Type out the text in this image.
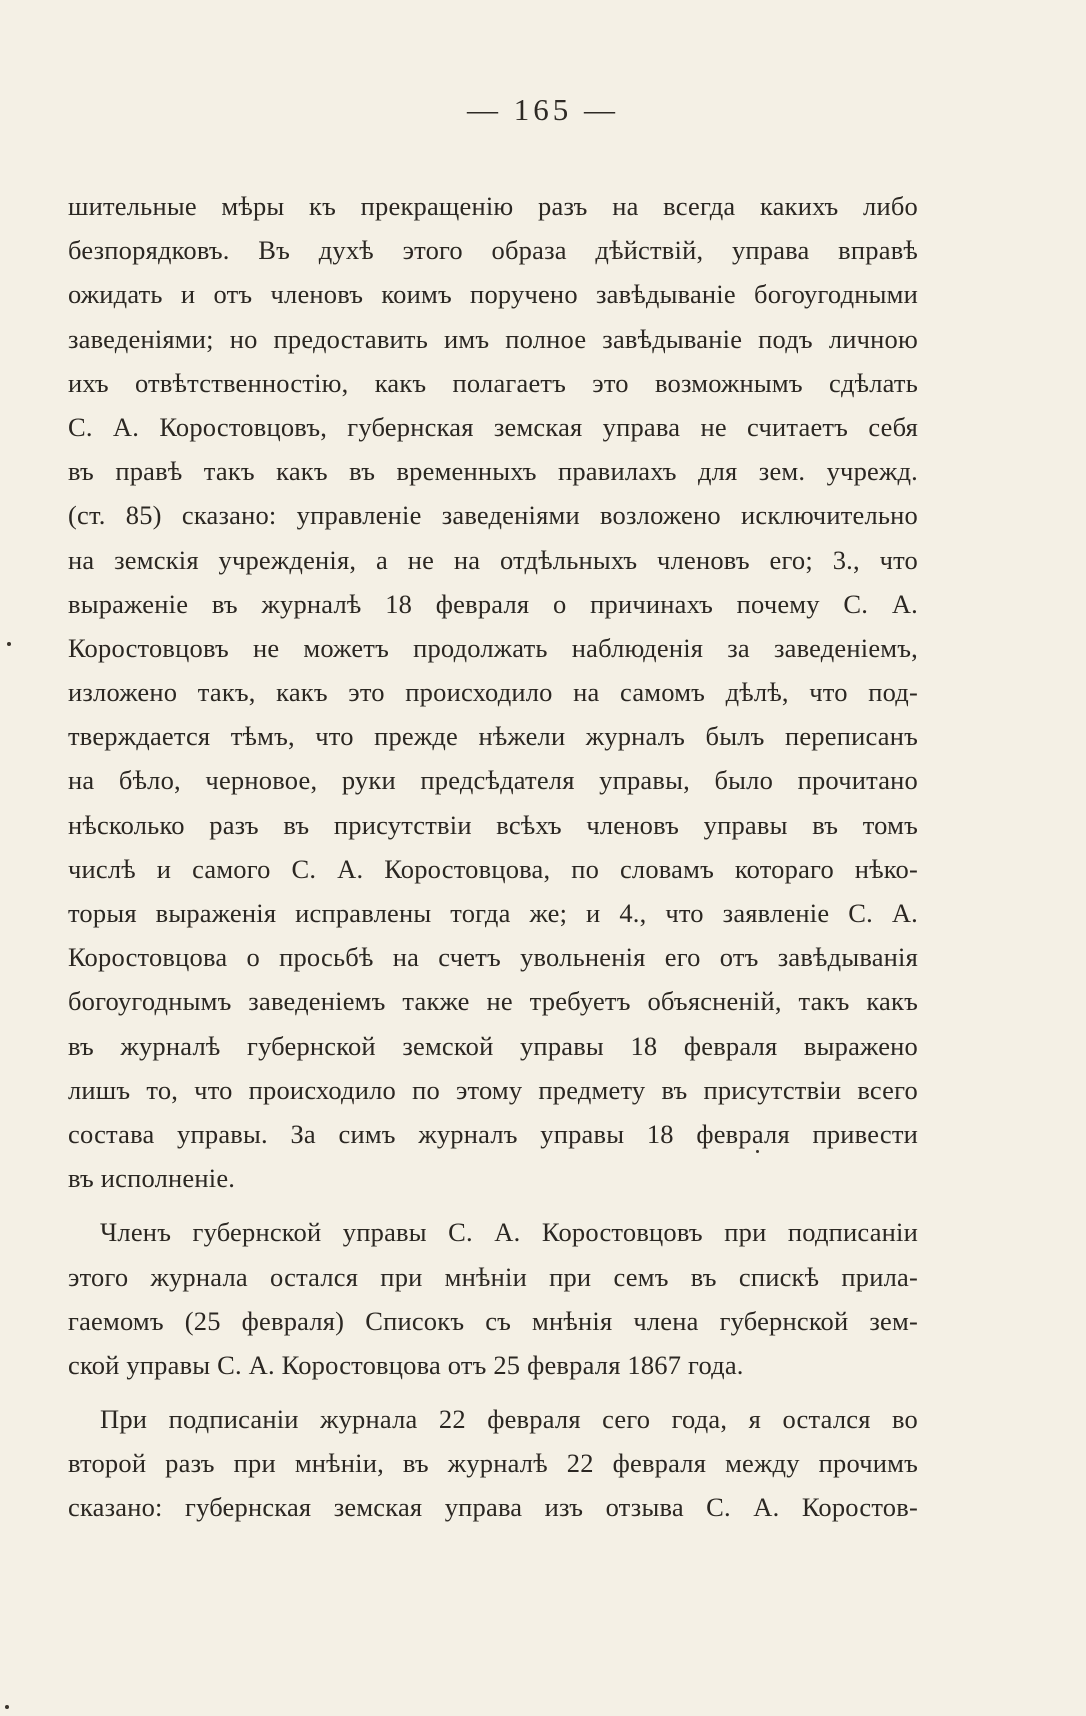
— 165 —
шительные мѣры къ прекращенію разъ на всегда какихъ либо
безпорядковъ. Въ духѣ этого образа дѣйствій, управа вправѣ
ожидать и отъ членовъ коимъ поручено завѣдываніе богоугодными
заведеніями; но предоставить имъ полное завѣдываніе подъ личною
ихъ отвѣтственностію, какъ полагаетъ это возможнымъ сдѣлать
С. А. Коростовцовъ, губернская земская управа не считаетъ себя
въ правѣ такъ какъ въ временныхъ правилахъ для зем. учрежд.
(ст. 85) сказано: управленіе заведеніями возложено исключительно
на земскія учрежденія, а не на отдѣльныхъ членовъ его; 3., что
выраженіе въ журналѣ 18 февраля о причинахъ почему С. А.
Коростовцовъ не можетъ продолжать наблюденія за заведеніемъ,
изложено такъ, какъ это происходило на самомъ дѣлѣ, что под-
тверждается тѣмъ, что прежде нѣжели журналъ былъ переписанъ
на бѣло, черновое, руки предсѣдателя управы, было прочитано
нѣсколько разъ въ присутствіи всѣхъ членовъ управы въ томъ
числѣ и самого С. А. Коростовцова, по словамъ котораго нѣко-
торыя выраженія исправлены тогда же; и 4., что заявленіе С. А.
Коростовцова о просьбѣ на счетъ увольненія его отъ завѣдыванія
богоугоднымъ заведеніемъ также не требуетъ объясненій, такъ какъ
въ журналѣ губернской земской управы 18 февраля выражено
лишъ то, что происходило по этому предмету въ присутствіи всего
состава управы. За симъ журналъ управы 18 февраля привести
въ исполненіе.
Членъ губернской управы С. А. Коростовцовъ при подписаніи
этого журнала остался при мнѣніи при семъ въ спискѣ прила-
гаемомъ (25 февраля) Списокъ съ мнѣнія члена губернской зем-
ской управы С. А. Коростовцова отъ 25 февраля 1867 года.
При подписаніи журнала 22 февраля сего года, я остался во
второй разъ при мнѣніи, въ журналѣ 22 февраля между прочимъ
сказано: губернская земская управа изъ отзыва С. А. Коростов-
